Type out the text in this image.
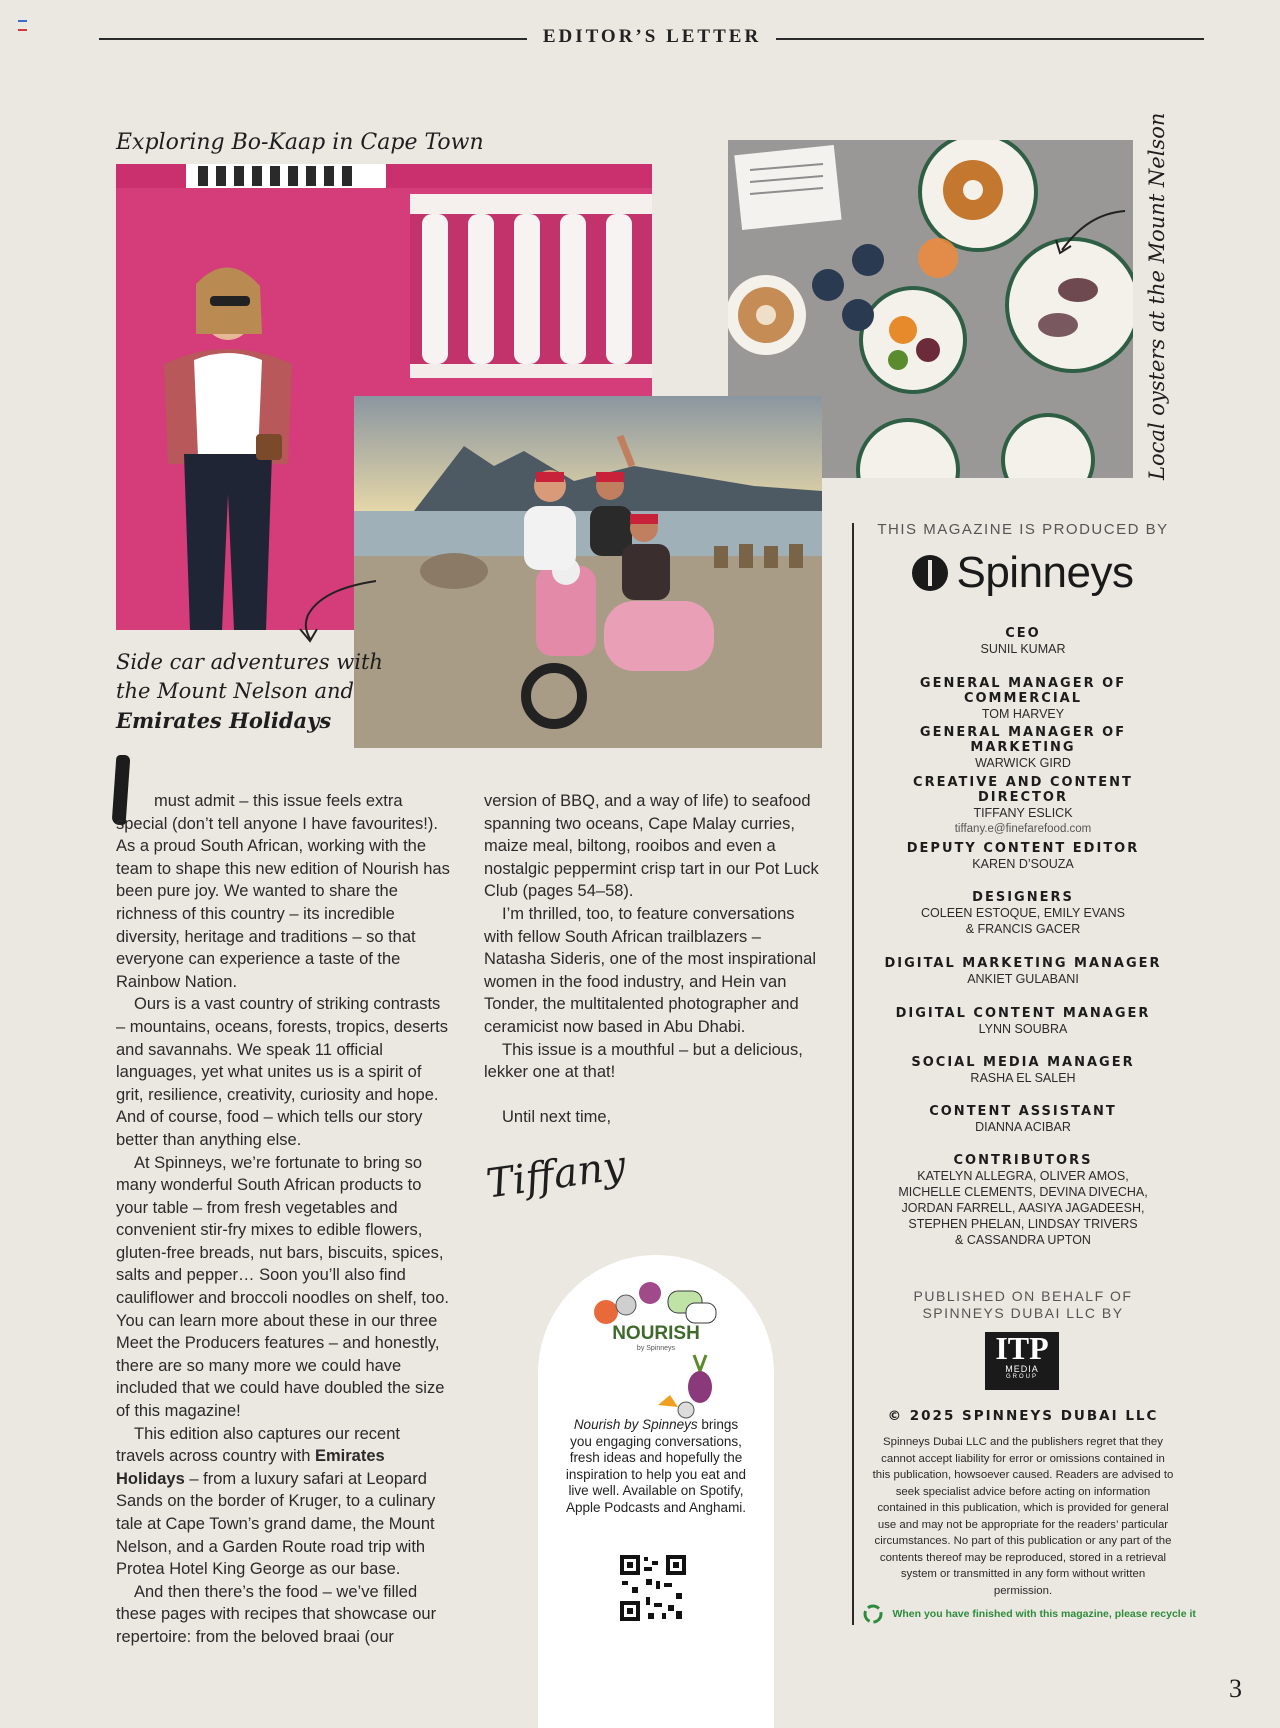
EDITOR’S LETTER
Exploring Bo-Kaap in Cape Town	Local oysters at the Mount Nelson
Side car adventures with
the Mount Nelson and
Emirates Holidays

must admit – this issue feels extra special (don’t tell anyone I have favourites!). As a proud South African, working with the team to shape this new edition of Nourish has been pure joy. We wanted to share the richness of this country – its incredible diversity, heritage and traditions – so that everyone can experience a taste of the Rainbow Nation.

Ours is a vast country of striking contrasts – mountains, oceans, forests, tropics, deserts and savannahs. We speak 11 official languages, yet what unites us is a spirit of grit, resilience, creativity, curiosity and hope. And of course, food – which tells our story better than anything else.

At Spinneys, we’re fortunate to bring so many wonderful South African products to your table – from fresh vegetables and convenient stir-fry mixes to edible flowers, gluten-free breads, nut bars, biscuits, spices, salts and pepper… Soon you’ll also find cauliflower and broccoli noodles on shelf, too. You can learn more about these in our three Meet the Producers features – and honestly, there are so many more we could have included that we could have doubled the size of this magazine!

This edition also captures our recent travels across country with Emirates Holidays – from a luxury safari at Leopard Sands on the border of Kruger, to a culinary tale at Cape Town’s grand dame, the Mount Nelson, and a Garden Route road trip with Protea Hotel King George as our base.

And then there’s the food – we’ve filled these pages with recipes that showcase our repertoire: from the beloved braai (our

version of BBQ, and a way of life) to seafood spanning two oceans, Cape Malay curries, maize meal, biltong, rooibos and even a nostalgic peppermint crisp tart in our Pot Luck Club (pages 54–58).

I’m thrilled, too, to feature conversations with fellow South African trailblazers – Natasha Sideris, one of the most inspirational women in the food industry, and Hein van Tonder, the multitalented photographer and ceramicist now based in Abu Dhabi.

This issue is a mouthful – but a delicious, lekker one at that!

Until next time,

Tiffany
NOURISH
by Spinneys
Nourish by Spinneys brings you engaging conversations, fresh ideas and hopefully the inspiration to help you eat and live well. Available on Spotify, Apple Podcasts and Anghami.
THIS MAGAZINE IS PRODUCED BY
Spinneys
CEO
SUNIL KUMAR
GENERAL MANAGER OF COMMERCIAL
TOM HARVEY
GENERAL MANAGER OF MARKETING
WARWICK GIRD
CREATIVE AND CONTENT DIRECTOR
TIFFANY ESLICK
tiffany.e@finefarefood.com
DEPUTY CONTENT EDITOR
KAREN D’SOUZA
DESIGNERS
COLEEN ESTOQUE, EMILY EVANS
& FRANCIS GACER
DIGITAL MARKETING MANAGER
ANKIET GULABANI
DIGITAL CONTENT MANAGER
LYNN SOUBRA
SOCIAL MEDIA MANAGER
RASHA EL SALEH
CONTENT ASSISTANT
DIANNA ACIBAR
CONTRIBUTORS
KATELYN ALLEGRA, OLIVER AMOS,
MICHELLE CLEMENTS, DEVINA DIVECHA,
JORDAN FARRELL, AASIYA JAGADEESH,
STEPHEN PHELAN, LINDSAY TRIVERS
& CASSANDRA UPTON
PUBLISHED ON BEHALF OF
SPINNEYS DUBAI LLC BY
ITP
MEDIA
GROUP
© 2025 SPINNEYS DUBAI LLC
Spinneys Dubai LLC and the publishers regret that they cannot accept liability for error or omissions contained in this publication, howsoever caused. Readers are advised to seek specialist advice before acting on information contained in this publication, which is provided for general use and may not be appropriate for the readers’ particular circumstances. No part of this publication or any part of the contents thereof may be reproduced, stored in a retrieval system or transmitted in any form without written permission.
When you have finished with this magazine, please recycle it
3
